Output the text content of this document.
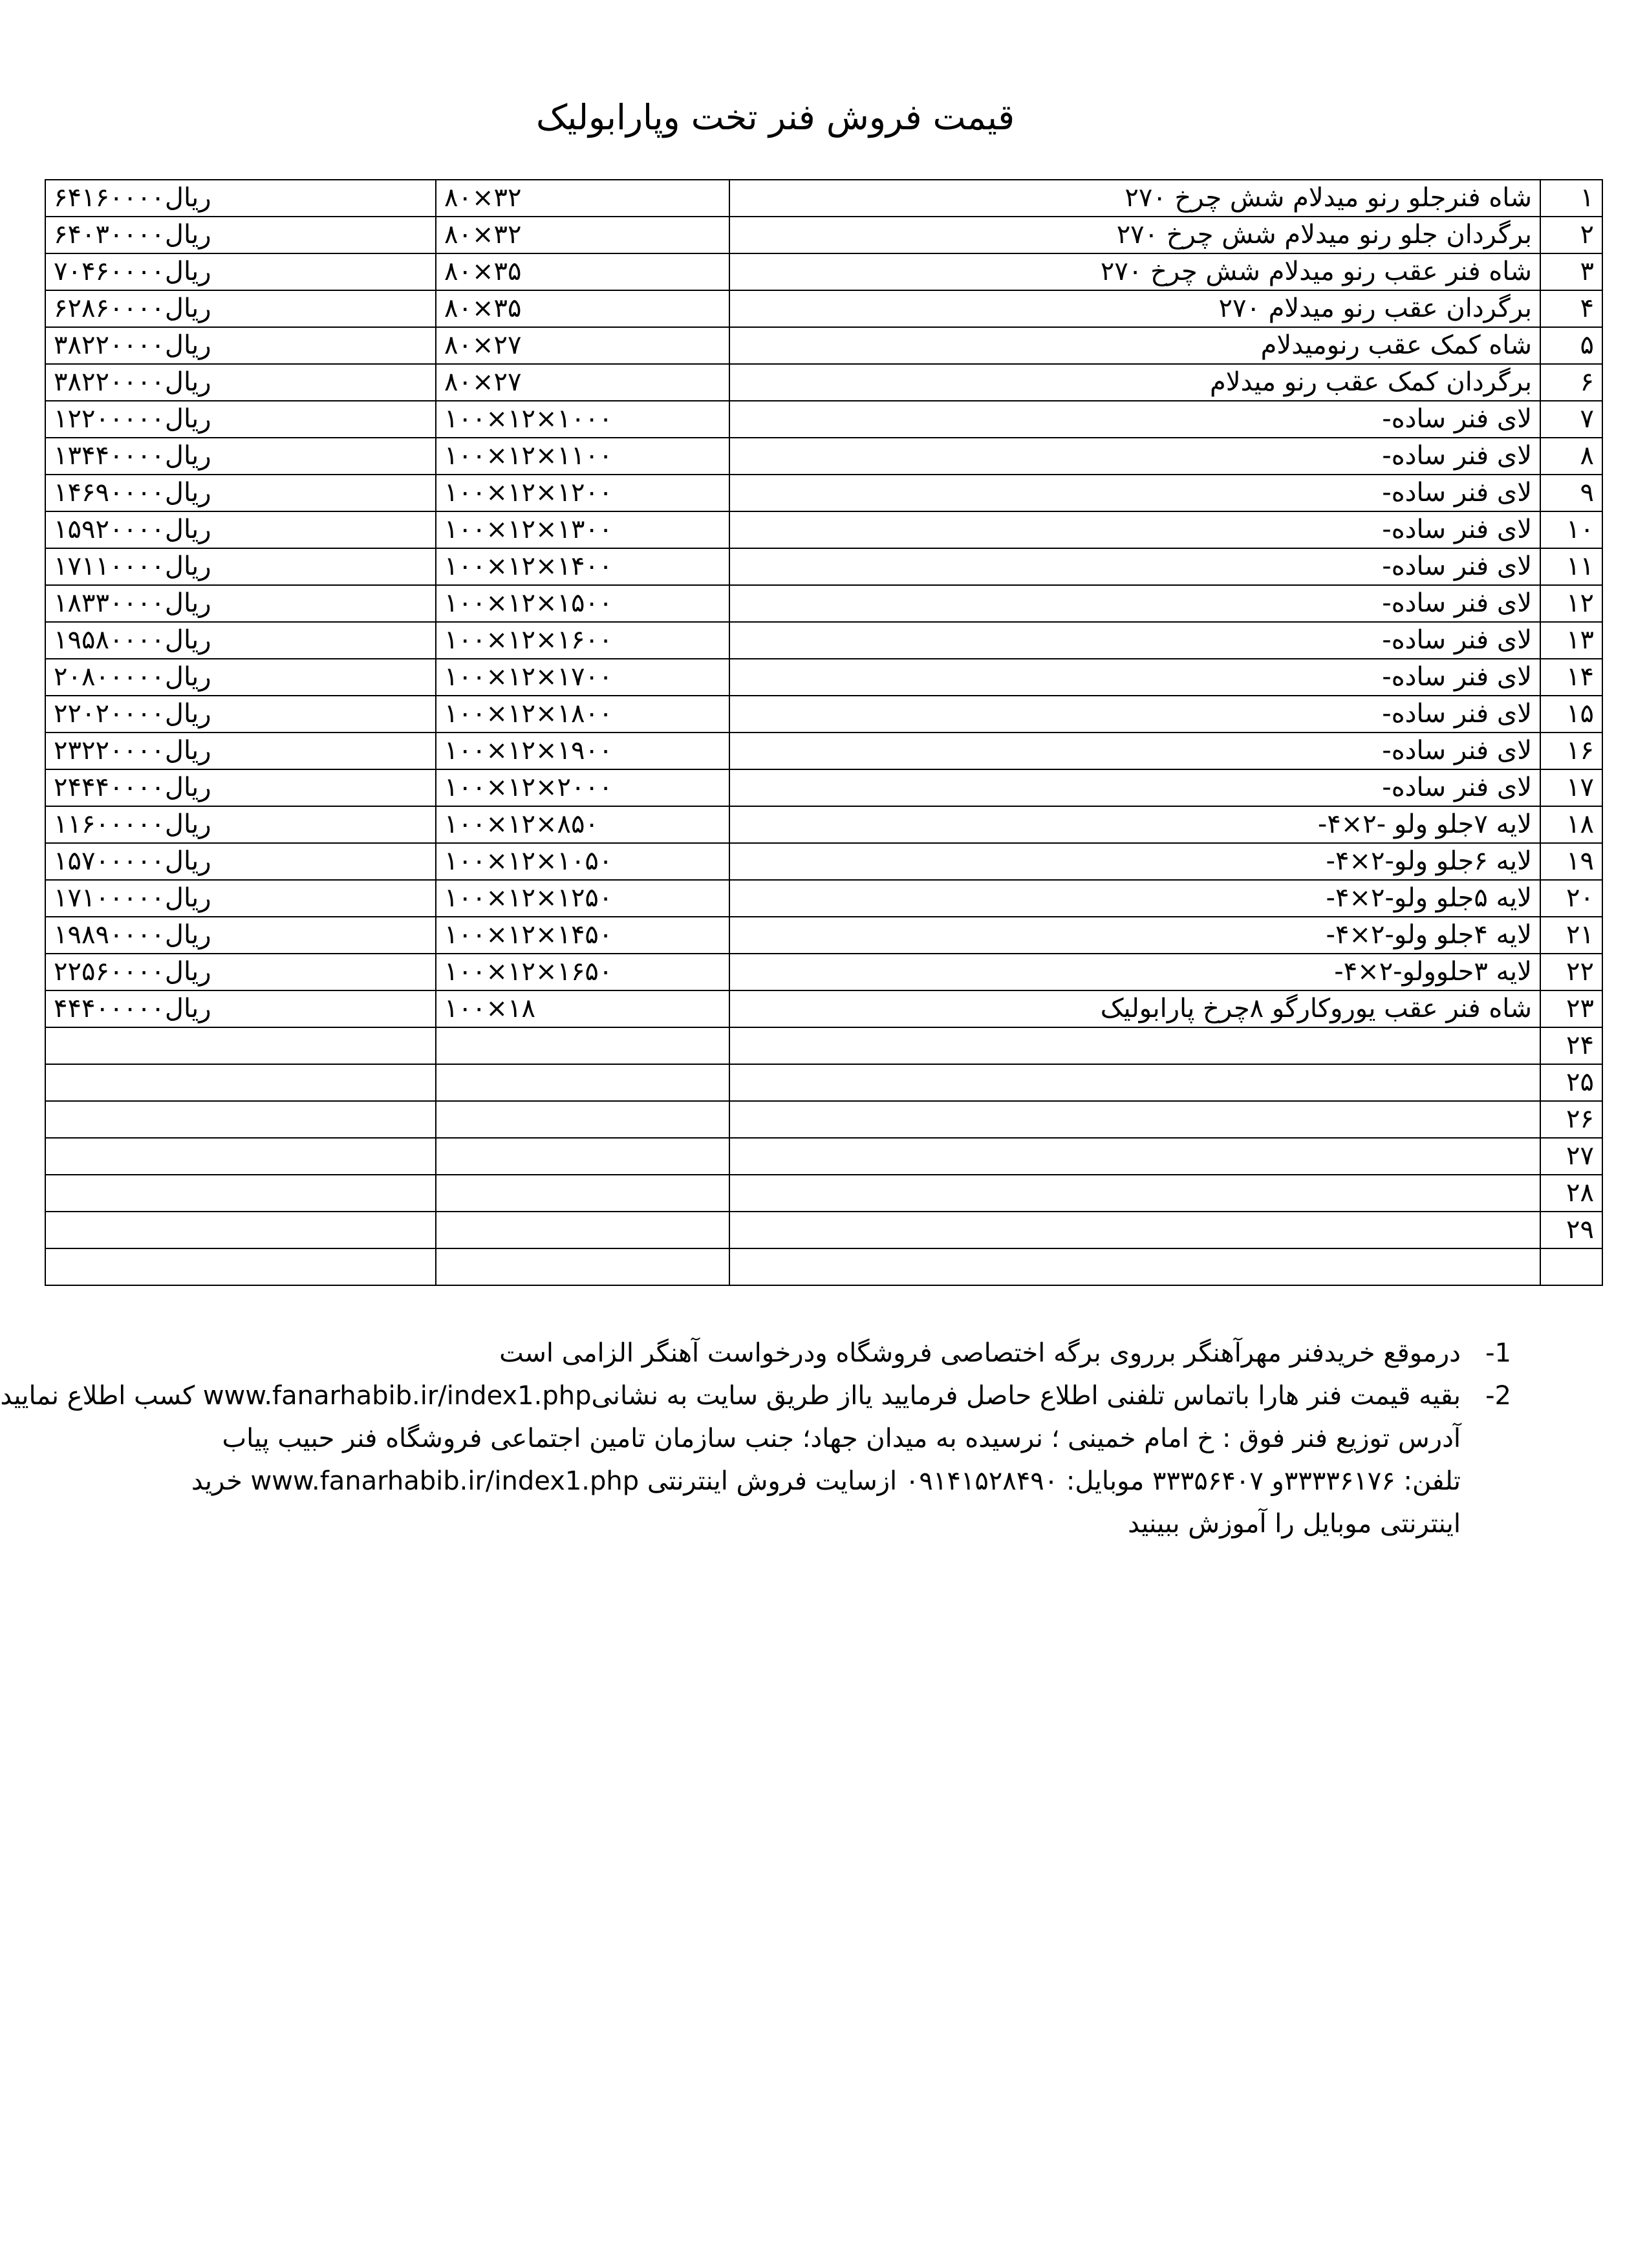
قیمت فروش فنر تخت وپارابولیک
۱	شاه فنرجلو رنو میدلام شش چرخ ۲۷۰	۸۰×۳۲	۶۴۱۶۰۰۰۰ریال
۲	برگردان جلو رنو میدلام شش چرخ ۲۷۰	۸۰×۳۲	۶۴۰۳۰۰۰۰ریال
۳	شاه فنر عقب رنو میدلام شش چرخ ۲۷۰	۸۰×۳۵	۷۰۴۶۰۰۰۰ریال
۴	برگردان عقب رنو میدلام ۲۷۰	۸۰×۳۵	۶۲۸۶۰۰۰۰ریال
۵	شاه کمک عقب رنومیدلام	۸۰×۲۷	۳۸۲۲۰۰۰۰ریال
۶	برگردان کمک عقب رنو میدلام	۸۰×۲۷	۳۸۲۲۰۰۰۰ریال
۷	لای فنر ساده-	۱۰۰×۱۲×۱۰۰۰	۱۲۲۰۰۰۰۰ریال
۸	لای فنر ساده-	۱۰۰×۱۲×۱۱۰۰	۱۳۴۴۰۰۰۰ریال
۹	لای فنر ساده-	۱۰۰×۱۲×۱۲۰۰	۱۴۶۹۰۰۰۰ریال
۱۰	لای فنر ساده-	۱۰۰×۱۲×۱۳۰۰	۱۵۹۲۰۰۰۰ریال
۱۱	لای فنر ساده-	۱۰۰×۱۲×۱۴۰۰	۱۷۱۱۰۰۰۰ریال
۱۲	لای فنر ساده-	۱۰۰×۱۲×۱۵۰۰	۱۸۳۳۰۰۰۰ریال
۱۳	لای فنر ساده-	۱۰۰×۱۲×۱۶۰۰	۱۹۵۸۰۰۰۰ریال
۱۴	لای فنر ساده-	۱۰۰×۱۲×۱۷۰۰	۲۰۸۰۰۰۰۰ریال
۱۵	لای فنر ساده-	۱۰۰×۱۲×۱۸۰۰	۲۲۰۲۰۰۰۰ریال
۱۶	لای فنر ساده-	۱۰۰×۱۲×۱۹۰۰	۲۳۲۲۰۰۰۰ریال
۱۷	لای فنر ساده-	۱۰۰×۱۲×۲۰۰۰	۲۴۴۴۰۰۰۰ریال
۱۸	لایه ۷جلو ولو -۲×۴-	۱۰۰×۱۲×۸۵۰	۱۱۶۰۰۰۰۰ریال
۱۹	لایه ۶جلو ولو-۲×۴-	۱۰۰×۱۲×۱۰۵۰	۱۵۷۰۰۰۰۰ریال
۲۰	لایه ۵جلو ولو-۲×۴-	۱۰۰×۱۲×۱۲۵۰	۱۷۱۰۰۰۰۰ریال
۲۱	لایه ۴جلو ولو-۲×۴-	۱۰۰×۱۲×۱۴۵۰	۱۹۸۹۰۰۰۰ریال
۲۲	لایه ۳حلوولو-۲×۴-	۱۰۰×۱۲×۱۶۵۰	۲۲۵۶۰۰۰۰ریال
۲۳	شاه فنر عقب یوروکارگو ۸چرخ پارابولیک	۱۰۰×۱۸	۴۴۴۰۰۰۰۰ریال
۲۴			
۲۵			
۲۶			
۲۷			
۲۸			
۲۹			

1-درموقع خریدفنر مهرآهنگر برروی برگه اختصاصی فروشگاه ودرخواست آهنگر الزامی است

2-بقیه قیمت فنر هارا باتماس تلفنی اطلاع حاصل فرمایید یااز طریق سایت به نشانیwww.fanarhabib.ir/index1.php کسب اطلاع نمایید

آدرس توزیع فنر فوق : خ امام خمینی ؛ نرسیده به میدان جهاد؛ جنب سازمان تامین اجتماعی فروشگاه فنر حبیب پیاب

تلفن: ۳۳۳۳۶۱۷۶و ۳۳۳۵۶۴۰۷ موبایل: ۰۹۱۴۱۵۲۸۴۹۰ ازسایت فروش اینترنتی www.fanarhabib.ir/index1.php خرید

اینترنتی موبایل را آموزش ببینید
